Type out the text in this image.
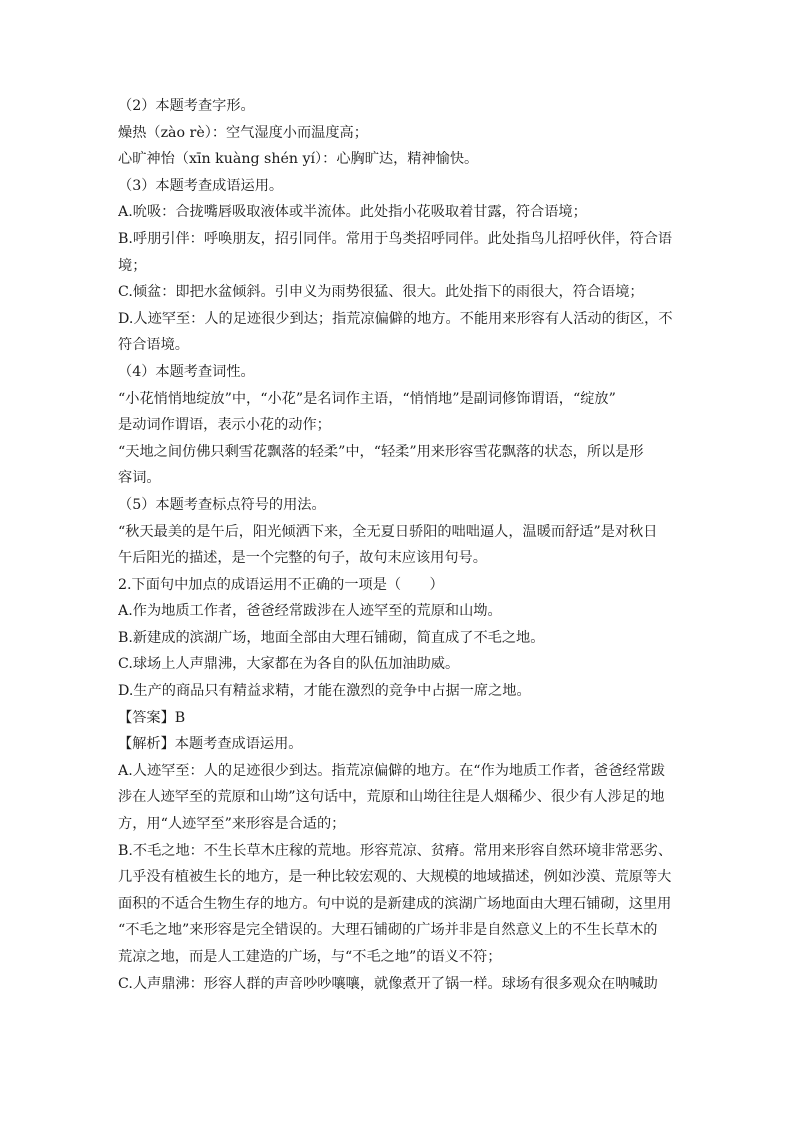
（2）本题考查字形。
燥热（zào rè）：空气湿度小而温度高；
心旷神怡（xīn kuàng shén yí）：心胸旷达，精神愉快。
（3）本题考查成语运用。
A.吮吸：合拢嘴唇吸取液体或半流体。此处指小花吸取着甘露，符合语境；
B.呼朋引伴：呼唤朋友，招引同伴。常用于鸟类招呼同伴。此处指鸟儿招呼伙伴，符合语
境；
C.倾盆：即把水盆倾斜。引申义为雨势很猛、很大。此处指下的雨很大，符合语境；
D.人迹罕至：人的足迹很少到达；指荒凉偏僻的地方。不能用来形容有人活动的街区，不
符合语境。
（4）本题考查词性。
“小花悄悄地绽放”中，“小花”是名词作主语，“悄悄地”是副词修饰谓语，“绽放”
是动词作谓语，表示小花的动作；
“天地之间仿佛只剩雪花飘落的轻柔”中，“轻柔”用来形容雪花飘落的状态，所以是形
容词。
（5）本题考查标点符号的用法。
“秋天最美的是午后，阳光倾洒下来，全无夏日骄阳的咄咄逼人，温暖而舒适”是对秋日
午后阳光的描述，是一个完整的句子，故句末应该用句号。
2.下面句中加点的成语运用不正确的一项是（　　）
A.作为地质工作者，爸爸经常跋涉在人迹罕至的荒原和山坳。
B.新建成的滨湖广场，地面全部由大理石铺砌，简直成了不毛之地。
C.球场上人声鼎沸，大家都在为各自的队伍加油助威。
D.生产的商品只有精益求精，才能在激烈的竞争中占据一席之地。
【答案】B
【解析】本题考查成语运用。
A.人迹罕至：人的足迹很少到达。指荒凉偏僻的地方。在“作为地质工作者，爸爸经常跋
涉在人迹罕至的荒原和山坳”这句话中，荒原和山坳往往是人烟稀少、很少有人涉足的地
方，用“人迹罕至”来形容是合适的；
B.不毛之地：不生长草木庄稼的荒地。形容荒凉、贫瘠。常用来形容自然环境非常恶劣、
几乎没有植被生长的地方，是一种比较宏观的、大规模的地域描述，例如沙漠、荒原等大
面积的不适合生物生存的地方。句中说的是新建成的滨湖广场地面由大理石铺砌，这里用
“不毛之地”来形容是完全错误的。大理石铺砌的广场并非是自然意义上的不生长草木的
荒凉之地，而是人工建造的广场，与“不毛之地”的语义不符；
C.人声鼎沸：形容人群的声音吵吵嚷嚷，就像煮开了锅一样。球场有很多观众在呐喊助
